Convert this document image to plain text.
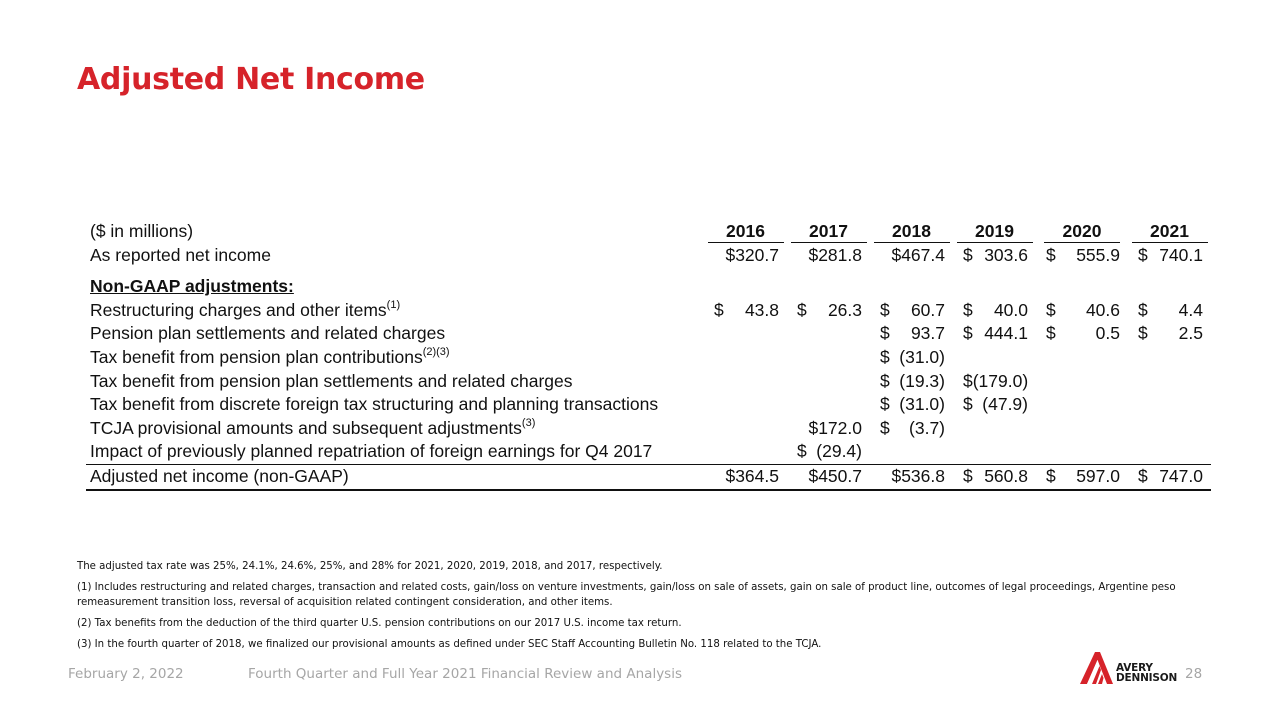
Adjusted Net Income
($ in millions)	2016	2017	2018	2019	2020	2021
As reported net income	$320.7	$281.8	$467.4	$ 303.6	$ 555.9	$ 740.1

Non-GAAP adjustments:						
Restructuring charges and other items$^{(1)}$	$ 43.8	$ 26.3	$ 60.7	$ 40.0	$ 40.6	$ 4.4
Pension plan settlements and related charges			$ 93.7	$ 444.1	$ 0.5	$ 2.5
Tax benefit from pension plan contributions$^{(2)(3)}$			$ (31.0)	

Tax benefit from pension plan settlements and related charges			$ (19.3)	$ (179.0)	

Tax benefit from discrete foreign tax structuring and planning transactions			$ (31.0)	$ (47.9)	

TCJA provisional amounts and subsequent adjustments$^{(3)}$		$172.0	$ (3.7)	

Impact of previously planned repatriation of foreign earnings for Q4 2017		$ (29.4)	

Adjusted net income (non-GAAP)	$364.5	$450.7	$536.8	$ 560.8	$ 597.0	$ 747.0

The adjusted tax rate was 25%, 24.1%, 24.6%, 25%, and 28% for 2021, 2020, 2019, 2018, and 2017, respectively.

(1) Includes restructuring and related charges, transaction and related costs, gain/loss on venture investments, gain/loss on sale of assets, gain on sale of product line, outcomes of legal proceedings, Argentine peso remeasurement transition loss, reversal of acquisition related contingent consideration, and other items.

(2) Tax benefits from the deduction of the third quarter U.S. pension contributions on our 2017 U.S. income tax return.

(3) In the fourth quarter of 2018, we finalized our provisional amounts as defined under SEC Staff Accounting Bulletin No. 118 related to the TCJA.

February 2, 2022	Fourth Quarter and Full Year 2021 Financial Review and Analysis	28
AVERY
DENNISON
